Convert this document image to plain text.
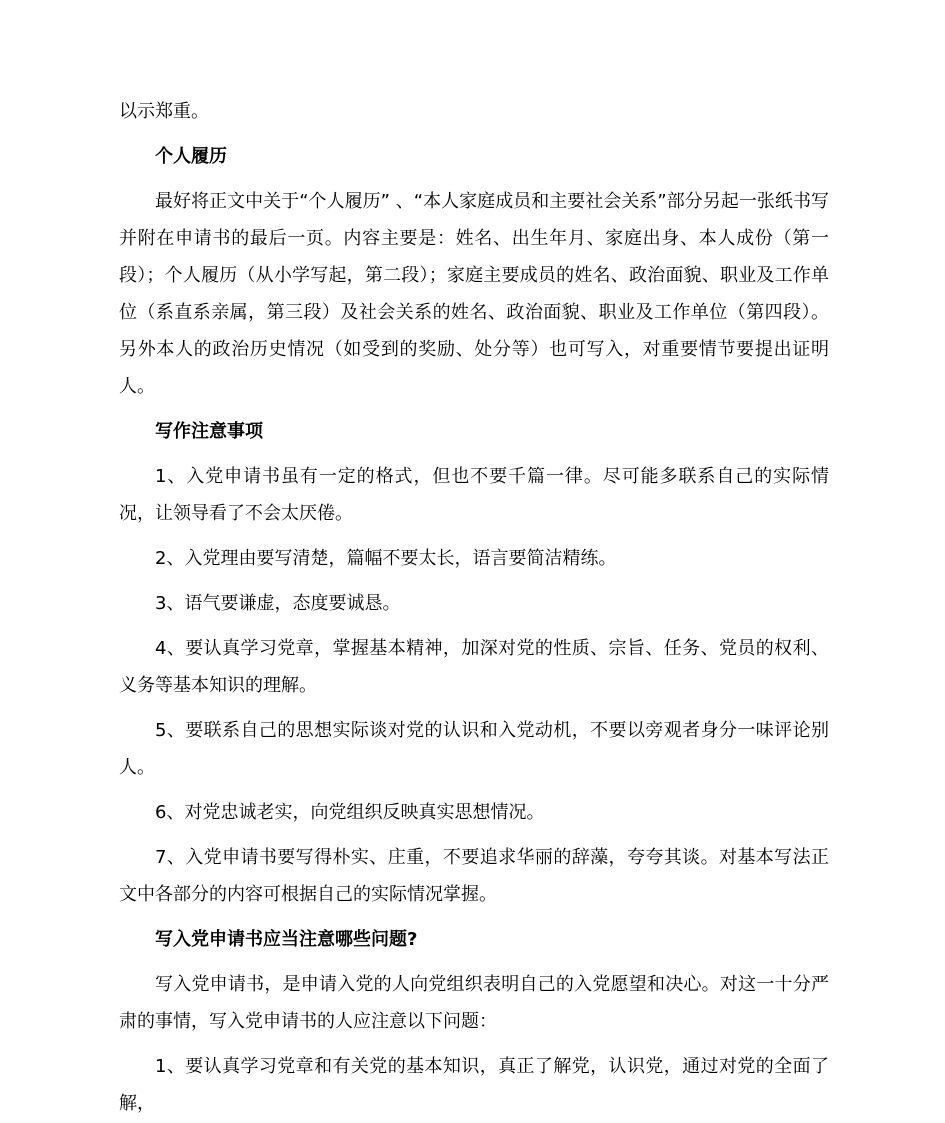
以示郑重。

个人履历

最好将正文中关于“个人履历” 、“本人家庭成员和主要社会关系”部分另起一张纸书写并附在申请书的最后一页。内容主要是：姓名、出生年月、家庭出身、本人成份（第一段）；个人履历（从小学写起，第二段）；家庭主要成员的姓名、政治面貌、职业及工作单位（系直系亲属，第三段）及社会关系的姓名、政治面貌、职业及工作单位（第四段）。另外本人的政治历史情况（如受到的奖励、处分等）也可写入，对重要情节要提出证明人。

写作注意事项

1、入党申请书虽有一定的格式，但也不要千篇一律。尽可能多联系自己的实际情况，让领导看了不会太厌倦。

2、入党理由要写清楚，篇幅不要太长，语言要简洁精练。

3、语气要谦虚，态度要诚恳。

4、要认真学习党章，掌握基本精神，加深对党的性质、宗旨、任务、党员的权利、义务等基本知识的理解。

5、要联系自己的思想实际谈对党的认识和入党动机，不要以旁观者身分一味评论别人。

6、对党忠诚老实，向党组织反映真实思想情况。

7、入党申请书要写得朴实、庄重，不要追求华丽的辞藻，夸夸其谈。对基本写法正文中各部分的内容可根据自己的实际情况掌握。

写入党申请书应当注意哪些问题?

写入党申请书，是申请入党的人向党组织表明自己的入党愿望和决心。对这一十分严肃的事情，写入党申请书的人应注意以下问题：

1、要认真学习党章和有关党的基本知识，真正了解党，认识党，通过对党的全面了解，
